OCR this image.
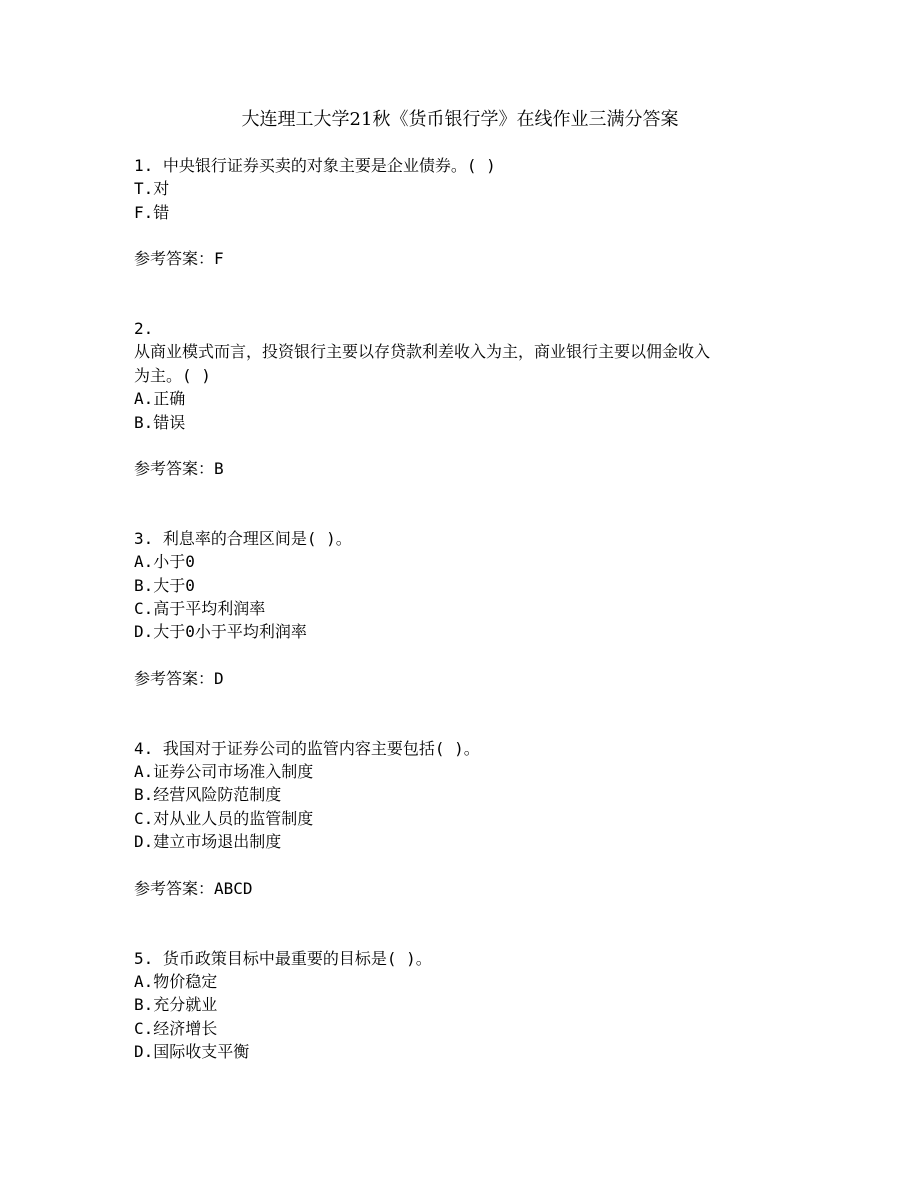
大连理工大学21秋《货币银行学》在线作业三满分答案
1. 中央银行证券买卖的对象主要是企业债券。( )
T.对
F.错
参考答案：F
2.
从商业模式而言，投资银行主要以存贷款利差收入为主，商业银行主要以佣金收入
为主。( )
A.正确
B.错误
参考答案：B
3. 利息率的合理区间是( )。
A.小于0
B.大于0
C.高于平均利润率
D.大于0小于平均利润率
参考答案：D
4. 我国对于证券公司的监管内容主要包括( )。
A.证券公司市场准入制度
B.经营风险防范制度
C.对从业人员的监管制度
D.建立市场退出制度
参考答案：ABCD
5. 货币政策目标中最重要的目标是( )。
A.物价稳定
B.充分就业
C.经济增长
D.国际收支平衡
